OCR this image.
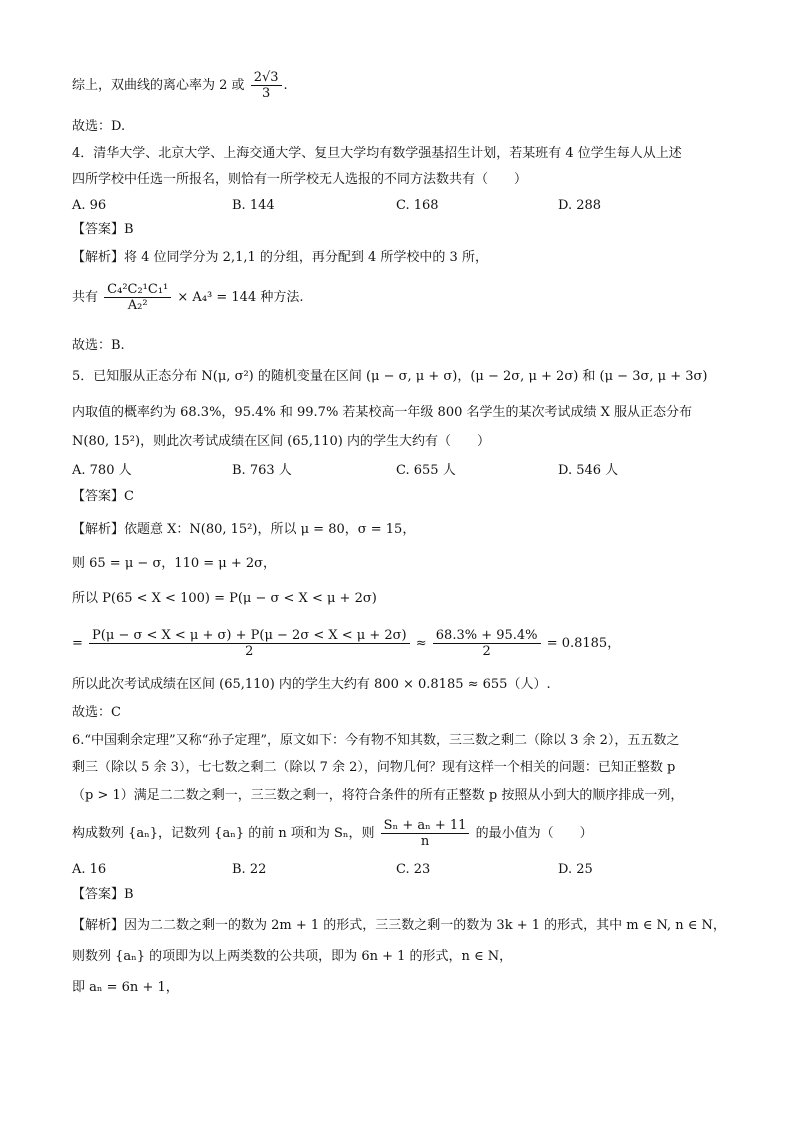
综上，双曲线的离心率为 2 或 $\frac{2√3}{3}$ .
故选：D.
4．清华大学、北京大学、上海交通大学、复旦大学均有数学强基招生计划，若某班有 4 位学生每人从上述
四所学校中任选一所报名，则恰有一所学校无人选报的不同方法数共有（　　）
A. 96	B. 144	C. 168	D. 288
【答案】B
【解析】将 4 位同学分为 2,1,1 的分组，再分配到 4 所学校中的 3 所，
共有 $\frac{\text{C₄²C₂¹C₁¹}}{\text{A₂²}} \times A_4^3 = 144$ 种方法.
故选：B.
5．已知服从正态分布 N(μ, σ²) 的随机变量在区间 (μ − σ, μ + σ)，(μ − 2σ, μ + 2σ) 和 (μ − 3σ, μ + 3σ)
内取值的概率约为 68.3%，95.4% 和 99.7% 若某校高一年级 800 名学生的某次考试成绩 X 服从正态分布
N(80, 15²)，则此次考试成绩在区间 (65,110) 内的学生大约有（　　）
A. 780 人	B. 763 人	C. 655 人	D. 546 人
【答案】C
【解析】依题意 X：N(80, 15²)，所以 μ = 80，σ = 15，
则 65 = μ − σ，110 = μ + 2σ，
所以 P(65 < X < 100) = P(μ − σ < X < μ + 2σ)
= $\frac{P(\mu - \sigma < X < \mu + \sigma) + P(\mu - 2\sigma < X < \mu + 2\sigma)}{2} \approx \frac{68.3\% + 95.4\%}{2} = 0.8185$，
所以此次考试成绩在区间 (65,110) 内的学生大约有 800 × 0.8185 ≈ 655（人）.
故选：C
6.“中国剩余定理”又称“孙子定理”，原文如下：今有物不知其数，三三数之剩二（除以 3 余 2），五五数之
剩三（除以 5 余 3），七七数之剩二（除以 7 余 2），问物几何？现有这样一个相关的问题：已知正整数 p
（p > 1）满足二二数之剩一，三三数之剩一，将符合条件的所有正整数 p 按照从小到大的顺序排成一列，
构成数列 {aₙ}，记数列 {aₙ} 的前 n 项和为 Sₙ，则 $\frac{\text{Sₙ + aₙ + 11}}{n}$ 的最小值为（　　）
A. 16	B. 22	C. 23	D. 25
【答案】B
【解析】因为二二数之剩一的数为 2m + 1 的形式，三三数之剩一的数为 3k + 1 的形式，其中 m ∈ N, n ∈ N，
则数列 {aₙ} 的项即为以上两类数的公共项，即为 6n + 1 的形式，n ∈ N，
即 aₙ = 6n + 1，
